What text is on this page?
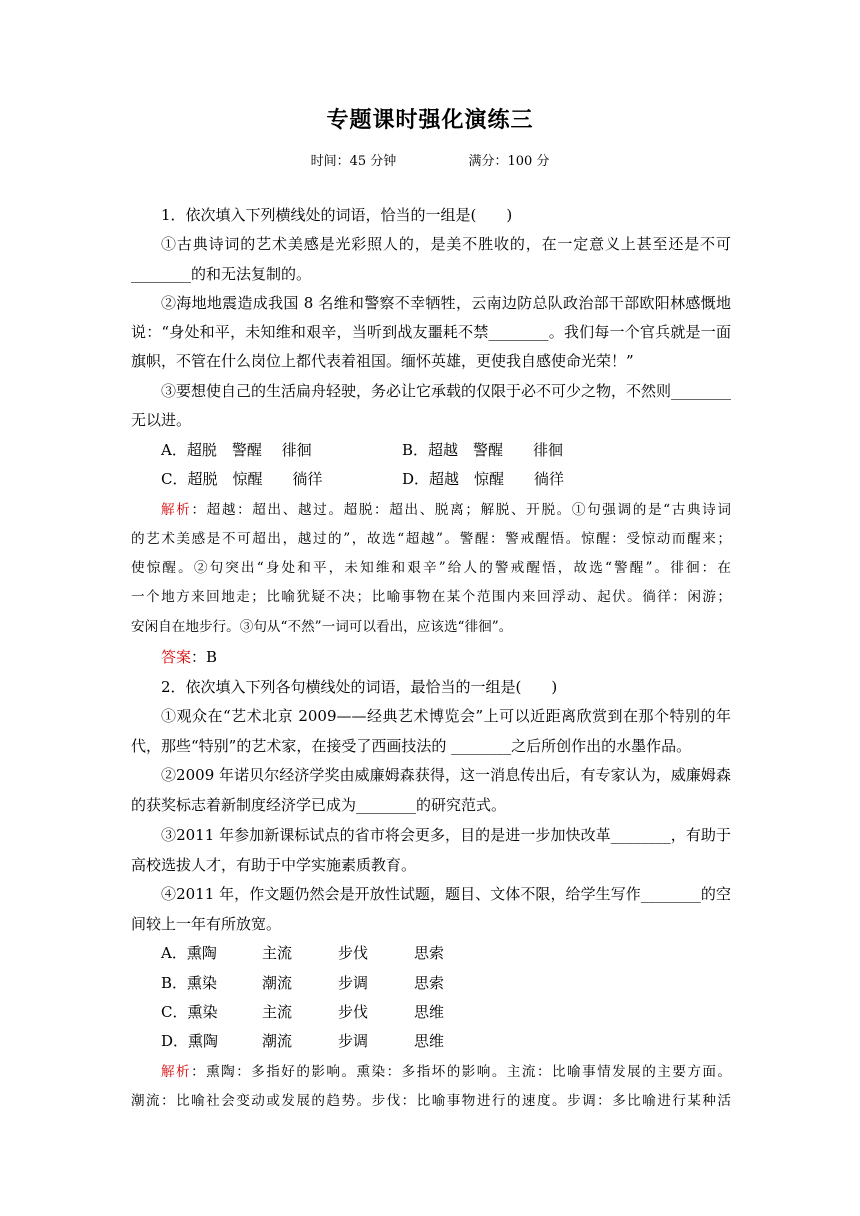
专题课时强化演练三
时间：45 分钟	满分：100 分
1．依次填入下列横线处的词语，恰当的一组是(　　)
①古典诗词的艺术美感是光彩照人的，是美不胜收的，在一定意义上甚至还是不可
________的和无法复制的。
②海地地震造成我国 8 名维和警察不幸牺牲，云南边防总队政治部干部欧阳林感慨地
说：“身处和平，未知维和艰辛，当听到战友噩耗不禁________。我们每一个官兵就是一面
旗帜，不管在什么岗位上都代表着祖国。缅怀英雄，更使我自感使命光荣！”
③要想使自己的生活扁舟轻驶，务必让它承载的仅限于必不可少之物，不然则________
无以进。
A．超脱　警醒　 徘徊	B．超越　警醒　　徘徊
C．超脱　惊醒　　徜徉	D．超越　惊醒　　徜徉
解析：超越：超出、越过。超脱：超出、脱离；解脱、开脱。①句强调的是“古典诗词
的艺术美感是不可超出，越过的”，故选“超越”。警醒：警戒醒悟。惊醒：受惊动而醒来；
使惊醒。②句突出“身处和平，未知维和艰辛”给人的警戒醒悟，故选“警醒”。徘徊：在
一个地方来回地走；比喻犹疑不决；比喻事物在某个范围内来回浮动、起伏。徜徉：闲游；
安闲自在地步行。③句从“不然”一词可以看出，应该选“徘徊”。
答案：B
2．依次填入下列各句横线处的词语，最恰当的一组是(　　)
①观众在“艺术北京 2009——经典艺术博览会”上可以近距离欣赏到在那个特别的年
代，那些“特别”的艺术家，在接受了西画技法的 ________之后所创作出的水墨作品。
②2009 年诺贝尔经济学奖由威廉姆森获得，这一消息传出后，有专家认为，威廉姆森
的获奖标志着新制度经济学已成为________的研究范式。
③2011 年参加新课标试点的省市将会更多，目的是进一步加快改革________，有助于
高校选拔人才，有助于中学实施素质教育。
④2011 年，作文题仍然会是开放性试题，题目、文体不限，给学生写作________的空
间较上一年有所放宽。
A．熏陶	主流	步伐	思索
B．熏染	潮流	步调	思索
C．熏染	主流	步伐	思维
D．熏陶	潮流	步调	思维
解析：熏陶：多指好的影响。熏染：多指坏的影响。主流：比喻事情发展的主要方面。
潮流：比喻社会变动或发展的趋势。步伐：比喻事物进行的速度。步调：多比喻进行某种活
